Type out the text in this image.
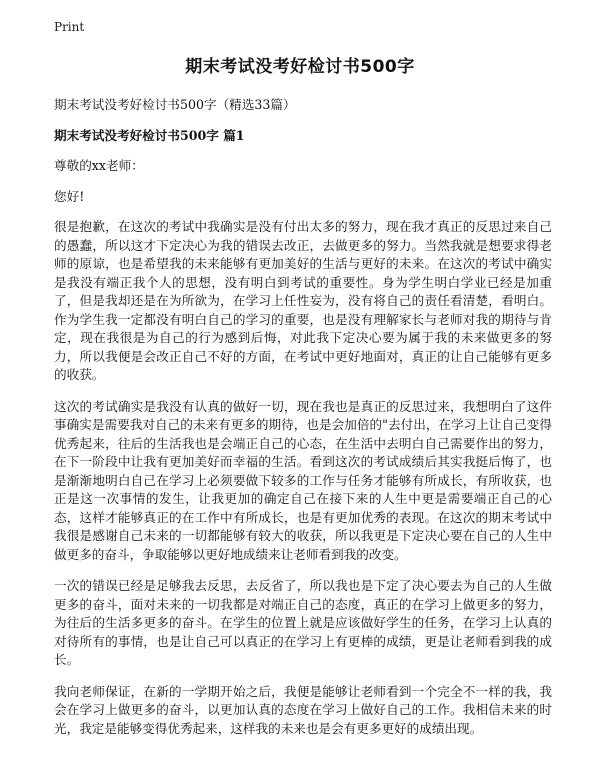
Print
期末考试没考好检讨书500字

期末考试没考好检讨书500字（精选33篇）

期末考试没考好检讨书500字 篇1

尊敬的xx老师：

您好!

很是抱歉，在这次的考试中我确实是没有付出太多的努力，现在我才真正的反思过来自己的愚蠢，所以这才下定决心为我的错误去改正，去做更多的努力。当然我就是想要求得老师的原谅，也是希望我的未来能够有更加美好的生活与更好的未来。在这次的考试中确实是我没有端正我个人的思想，没有明白到考试的重要性。身为学生明白学业已经是加重了，但是我却还是在为所欲为，在学习上任性妄为，没有将自己的责任看清楚，看明白。作为学生我一定都没有明白自己的学习的重要，也是没有理解家长与老师对我的期待与肯定，现在我很是为自己的行为感到后悔，对此我下定决心要为属于我的未来做更多的努力，所以我便是会改正自己不好的方面，在考试中更好地面对，真正的让自己能够有更多的收获。

这次的考试确实是我没有认真的做好一切，现在我也是真正的反思过来，我想明白了这件事确实是需要我对自己的未来有更多的期待，也是会加倍的"去付出，在学习上让自己变得优秀起来，往后的生活我也是会端正自己的心态，在生活中去明白自己需要作出的努力，在下一阶段中让我有更加美好而幸福的生活。看到这次的考试成绩后其实我挺后悔了，也是渐渐地明白自己在学习上必须要做下较多的工作与任务才能够有所成长，有所收获，也正是这一次事情的发生，让我更加的确定自己在接下来的人生中更是需要端正自己的心态，这样才能够真正的在工作中有所成长，也是有更加优秀的表现。在这次的期末考试中我很是感谢自己未来的一切都能够有较大的收获，所以我更是下定决心要在自己的人生中做更多的奋斗，争取能够以更好地成绩来让老师看到我的改变。

一次的错误已经是足够我去反思，去反省了，所以我也是下定了决心要去为自己的人生做更多的奋斗，面对未来的一切我都是对端正自己的态度，真正的在学习上做更多的努力，为往后的生活多更多的奋斗。在学生的位置上就是应该做好学生的任务，在学习上认真的对待所有的事情，也是让自己可以真正的在学习上有更棒的成绩，更是让老师看到我的成长。

我向老师保证，在新的一学期开始之后，我便是能够让老师看到一个完全不一样的我，我会在学习上做更多的奋斗，以更加认真的态度在学习上做好自己的工作。我相信未来的时光，我定是能够变得优秀起来，这样我的未来也是会有更多更好的成绩出现。
